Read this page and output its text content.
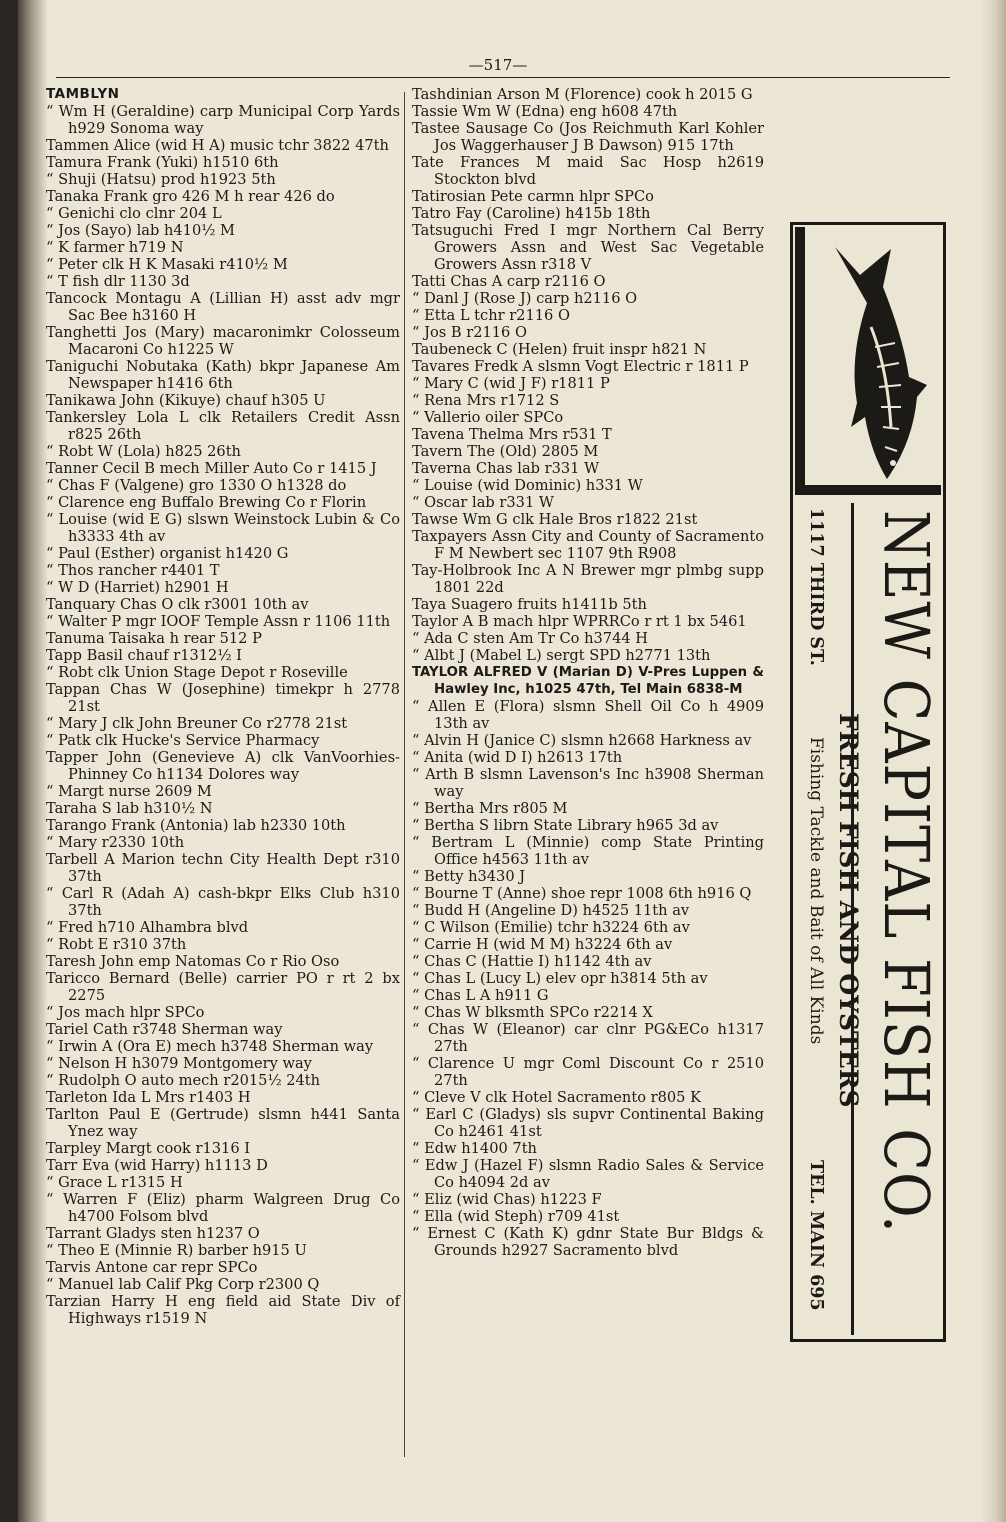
—517—
TAMBLYN
“ Wm H (Geraldine) carp Municipal Corp Yards h929 Sonoma way
Tammen Alice (wid H A) music tchr 3822 47th
Tamura Frank (Yuki) h1510 6th
“ Shuji (Hatsu) prod h1923 5th
Tanaka Frank gro 426 M h rear 426 do
“ Genichi clo clnr 204 L
“ Jos (Sayo) lab h410½ M
“ K farmer h719 N
“ Peter clk H K Masaki r410½ M
“ T fish dlr 1130 3d
Tancock Montagu A (Lillian H) asst adv mgr Sac Bee h3160 H
Tanghetti Jos (Mary) macaronimkr Colosseum Macaroni Co h1225 W
Taniguchi Nobutaka (Kath) bkpr Japanese Am Newspaper h1416 6th
Tanikawa John (Kikuye) chauf h305 U
Tankersley Lola L clk Retailers Credit Assn r825 26th
“ Robt W (Lola) h825 26th
Tanner Cecil B mech Miller Auto Co r 1415 J
“ Chas F (Valgene) gro 1330 O h1328 do
“ Clarence eng Buffalo Brewing Co r Florin
“ Louise (wid E G) slswn Weinstock Lubin & Co h3333 4th av
“ Paul (Esther) organist h1420 G
“ Thos rancher r4401 T
“ W D (Harriet) h2901 H
Tanquary Chas O clk r3001 10th av
“ Walter P mgr IOOF Temple Assn r 1106 11th
Tanuma Taisaka h rear 512 P
Tapp Basil chauf r1312½ I
“ Robt clk Union Stage Depot r Roseville
Tappan Chas W (Josephine) timekpr h 2778 21st
“ Mary J clk John Breuner Co r2778 21st
“ Patk clk Hucke's Service Pharmacy
Tapper John (Genevieve A) clk VanVoorhies-Phinney Co h1134 Dolores way
“ Margt nurse 2609 M
Taraha S lab h310½ N
Tarango Frank (Antonia) lab h2330 10th
“ Mary r2330 10th
Tarbell A Marion techn City Health Dept r310 37th
“ Carl R (Adah A) cash-bkpr Elks Club h310 37th
“ Fred h710 Alhambra blvd
“ Robt E r310 37th
Taresh John emp Natomas Co r Rio Oso
Taricco Bernard (Belle) carrier PO r rt 2 bx 2275
“ Jos mach hlpr SPCo
Tariel Cath r3748 Sherman way
“ Irwin A (Ora E) mech h3748 Sherman way
“ Nelson H h3079 Montgomery way
“ Rudolph O auto mech r2015½ 24th
Tarleton Ida L Mrs r1403 H
Tarlton Paul E (Gertrude) slsmn h441 Santa Ynez way
Tarpley Margt cook r1316 I
Tarr Eva (wid Harry) h1113 D
“ Grace L r1315 H
“ Warren F (Eliz) pharm Walgreen Drug Co h4700 Folsom blvd
Tarrant Gladys sten h1237 O
“ Theo E (Minnie R) barber h915 U
Tarvis Antone car repr SPCo
“ Manuel lab Calif Pkg Corp r2300 Q
Tarzian Harry H eng field aid State Div of Highways r1519 N
Tashdinian Arson M (Florence) cook h 2015 G
Tassie Wm W (Edna) eng h608 47th
Tastee Sausage Co (Jos Reichmuth Karl Kohler Jos Waggerhauser J B Dawson) 915 17th
Tate Frances M maid Sac Hosp h2619 Stockton blvd
Tatirosian Pete carmn hlpr SPCo
Tatro Fay (Caroline) h415b 18th
Tatsuguchi Fred I mgr Northern Cal Berry Growers Assn and West Sac Vegetable Growers Assn r318 V
Tatti Chas A carp r2116 O
“ Danl J (Rose J) carp h2116 O
“ Etta L tchr r2116 O
“ Jos B r2116 O
Taubeneck C (Helen) fruit inspr h821 N
Tavares Fredk A slsmn Vogt Electric r 1811 P
“ Mary C (wid J F) r1811 P
“ Rena Mrs r1712 S
“ Vallerio oiler SPCo
Tavena Thelma Mrs r531 T
Tavern The (Old) 2805 M
Taverna Chas lab r331 W
“ Louise (wid Dominic) h331 W
“ Oscar lab r331 W
Tawse Wm G clk Hale Bros r1822 21st
Taxpayers Assn City and County of Sacramento F M Newbert sec 1107 9th R908
Tay-Holbrook Inc A N Brewer mgr plmbg supp 1801 22d
Taya Suagero fruits h1411b 5th
Taylor A B mach hlpr WPRRCo r rt 1 bx 5461
“ Ada C sten Am Tr Co h3744 H
“ Albt J (Mabel L) sergt SPD h2771 13th
TAYLOR ALFRED V (Marian D) V-Pres Luppen & Hawley Inc, h1025 47th, Tel Main 6838-M
“ Allen E (Flora) slsmn Shell Oil Co h 4909 13th av
“ Alvin H (Janice C) slsmn h2668 Harkness av
“ Anita (wid D I) h2613 17th
“ Arth B slsmn Lavenson's Inc h3908 Sherman way
“ Bertha Mrs r805 M
“ Bertha S librn State Library h965 3d av
“ Bertram L (Minnie) comp State Printing Office h4563 11th av
“ Betty h3430 J
“ Bourne T (Anne) shoe repr 1008 6th h916 Q
“ Budd H (Angeline D) h4525 11th av
“ C Wilson (Emilie) tchr h3224 6th av
“ Carrie H (wid M M) h3224 6th av
“ Chas C (Hattie I) h1142 4th av
“ Chas L (Lucy L) elev opr h3814 5th av
“ Chas L A h911 G
“ Chas W blksmth SPCo r2214 X
“ Chas W (Eleanor) car clnr PG&ECo h1317 27th
“ Clarence U mgr Coml Discount Co r 2510 27th
“ Cleve V clk Hotel Sacramento r805 K
“ Earl C (Gladys) sls supvr Continental Baking Co h2461 41st
“ Edw h1400 7th
“ Edw J (Hazel F) slsmn Radio Sales & Service Co h4094 2d av
“ Eliz (wid Chas) h1223 F
“ Ella (wid Steph) r709 41st
“ Ernest C (Kath K) gdnr State Bur Bldgs & Grounds h2927 Sacramento blvd
1117 THIRD ST.
Fishing Tackle and Bait of All Kinds
TEL. MAIN 695
NEW CAPITAL FISH CO.
FRESH FISH AND OYSTERS
